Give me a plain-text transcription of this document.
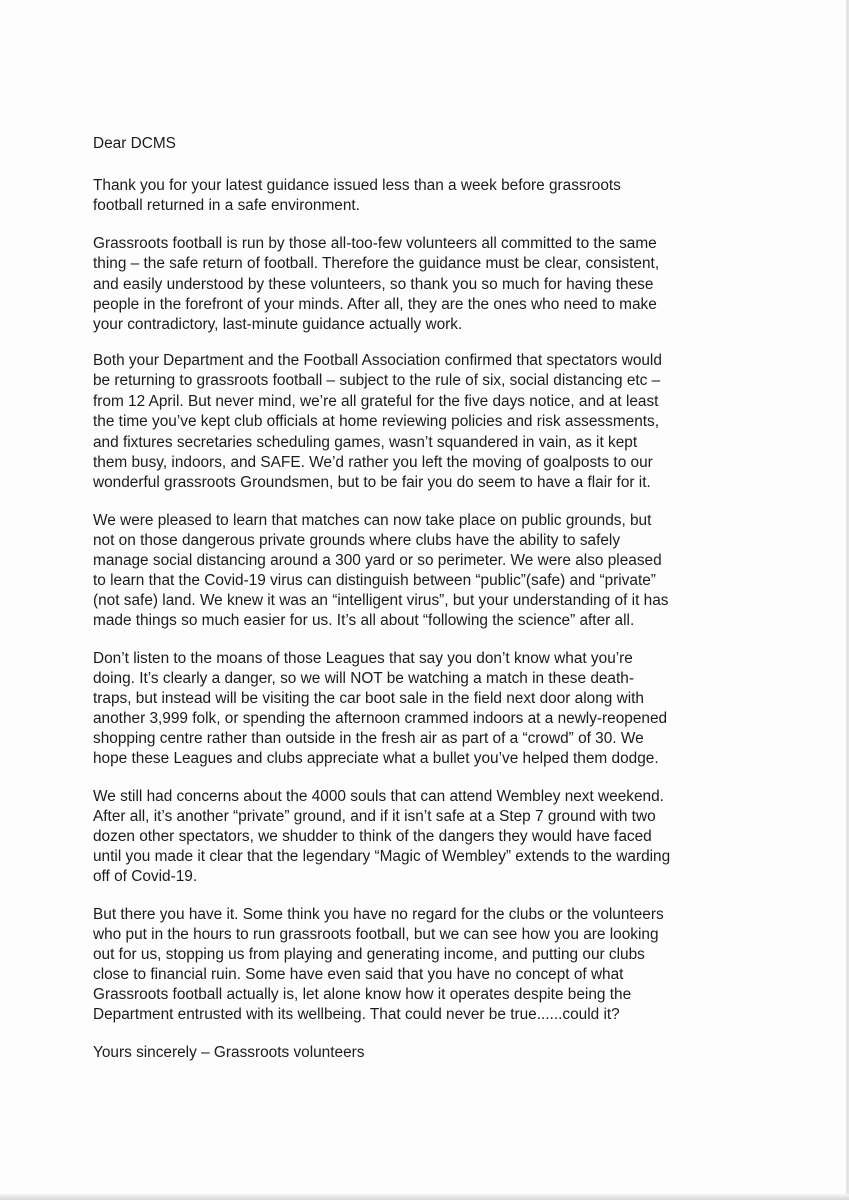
Dear DCMS
Thank you for your latest guidance issued less than a week before grassroots
football returned in a safe environment.
Grassroots football is run by those all-too-few volunteers all committed to the same
thing – the safe return of football. Therefore the guidance must be clear, consistent,
and easily understood by these volunteers, so thank you so much for having these
people in the forefront of your minds. After all, they are the ones who need to make
your contradictory, last-minute guidance actually work.
Both your Department and the Football Association confirmed that spectators would
be returning to grassroots football – subject to the rule of six, social distancing etc –
from 12 April. But never mind, we’re all grateful for the five days notice, and at least
the time you’ve kept club officials at home reviewing policies and risk assessments,
and fixtures secretaries scheduling games, wasn’t squandered in vain, as it kept
them busy, indoors, and SAFE. We’d rather you left the moving of goalposts to our
wonderful grassroots Groundsmen, but to be fair you do seem to have a flair for it.
We were pleased to learn that matches can now take place on public grounds, but
not on those dangerous private grounds where clubs have the ability to safely
manage social distancing around a 300 yard or so perimeter. We were also pleased
to learn that the Covid-19 virus can distinguish between “public”(safe) and “private”
(not safe) land. We knew it was an “intelligent virus”, but your understanding of it has
made things so much easier for us. It’s all about “following the science” after all.
Don’t listen to the moans of those Leagues that say you don’t know what you’re
doing. It’s clearly a danger, so we will NOT be watching a match in these death-
traps, but instead will be visiting the car boot sale in the field next door along with
another 3,999 folk, or spending the afternoon crammed indoors at a newly-reopened
shopping centre rather than outside in the fresh air as part of a “crowd” of 30. We
hope these Leagues and clubs appreciate what a bullet you’ve helped them dodge.
We still had concerns about the 4000 souls that can attend Wembley next weekend.
After all, it’s another “private” ground, and if it isn’t safe at a Step 7 ground with two
dozen other spectators, we shudder to think of the dangers they would have faced
until you made it clear that the legendary “Magic of Wembley” extends to the warding
off of Covid-19.
But there you have it. Some think you have no regard for the clubs or the volunteers
who put in the hours to run grassroots football, but we can see how you are looking
out for us, stopping us from playing and generating income, and putting our clubs
close to financial ruin. Some have even said that you have no concept of what
Grassroots football actually is, let alone know how it operates despite being the
Department entrusted with its wellbeing. That could never be true......could it?
Yours sincerely – Grassroots volunteers
